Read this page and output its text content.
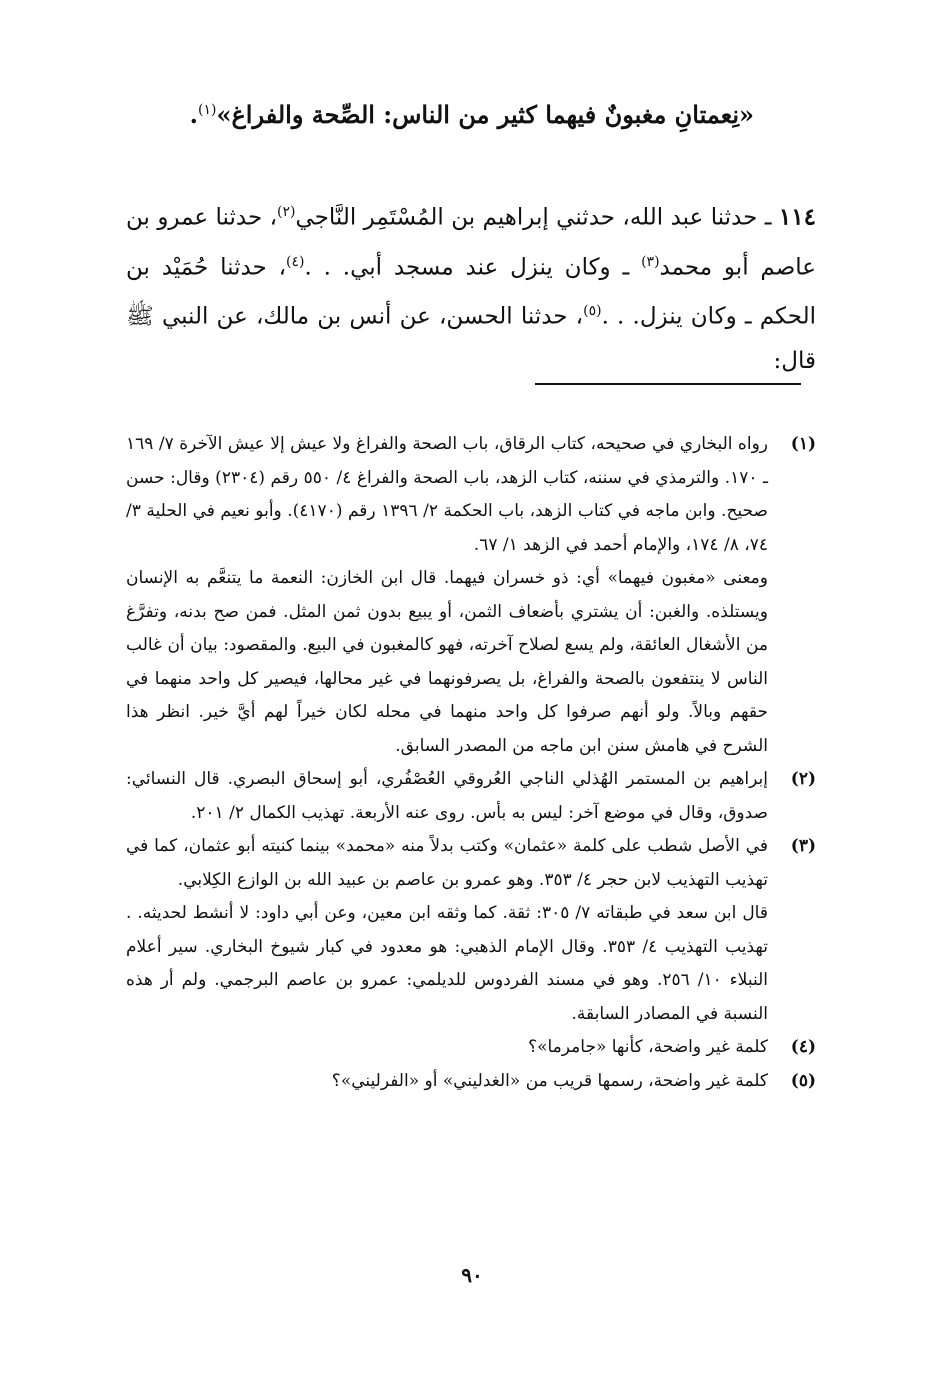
«نِعمتانِ مغبونٌ فيهما كثير من الناس: الصِّحة والفراغ»$^{(١)}$.
١١٤ ـ حدثنا عبد الله، حدثني إبراهيم بن المُسْتَمِر النَّاجي$^{(٢)}$، حدثنا عمرو بن عاصم أبو محمد$^{(٣)}$ ـ وكان ينزل عند مسجد أبي. . .$^{(٤)}$، حدثنا حُمَيْد بن الحكم ـ وكان ينزل. . .$^{(٥)}$، حدثنا الحسن، عن أنس بن مالك، عن النبي ﷺ قال:
(١)

رواه البخاري في صحيحه، كتاب الرقاق، باب الصحة والفراغ ولا عيش إلا عيش الآخرة ٧/ ١٦٩ ـ ١٧٠. والترمذي في سننه، كتاب الزهد، باب الصحة والفراغ ٤/ ٥٥٠ رقم (٢٣٠٤) وقال: حسن صحيح. وابن ماجه في كتاب الزهد، باب الحكمة ٢/ ١٣٩٦ رقم (٤١٧٠). وأبو نعيم في الحلية ٣/ ٧٤، ٨/ ١٧٤، والإمام أحمد في الزهد ١/ ٦٧.

ومعنى «مغبون فيهما» أي: ذو خسران فيهما. قال ابن الخازن: النعمة ما يتنعَّم به الإنسان ويستلذه. والغبن: أن يشتري بأضعاف الثمن، أو يبيع بدون ثمن المثل. فمن صح بدنه، وتفرَّغ من الأشغال العائقة، ولم يسع لصلاح آخرته، فهو كالمغبون في البيع. والمقصود: بيان أن غالب الناس لا ينتفعون بالصحة والفراغ، بل يصرفونهما في غير محالها، فيصير كل واحد منهما في حقهم وبالاً. ولو أنهم صرفوا كل واحد منهما في محله لكان خيراً لهم أيَّ خير. انظر هذا الشرح في هامش سنن ابن ماجه من المصدر السابق.

(٢)

إبراهيم بن المستمر الهُذلي الناجي العُروقي العُصْفُري، أبو إسحاق البصري. قال النسائي: صدوق، وقال في موضع آخر: ليس به بأس. روى عنه الأربعة. تهذيب الكمال ٢/ ٢٠١.

(٣)

في الأصل شطب على كلمة «عثمان» وكتب بدلاً منه «محمد» بينما كنيته أبو عثمان، كما في تهذيب التهذيب لابن حجر ٤/ ٣٥٣. وهو عمرو بن عاصم بن عبيد الله بن الوازع الكِلابي.

قال ابن سعد في طبقاته ٧/ ٣٠٥: ثقة. كما وثقه ابن معين، وعن أبي داود: لا أنشط لحديثه. . تهذيب التهذيب ٤/ ٣٥٣. وقال الإمام الذهبي: هو معدود في كبار شيوخ البخاري. سير أعلام النبلاء ١٠/ ٢٥٦. وهو في مسند الفردوس للديلمي: عمرو بن عاصم البرجمي. ولم أر هذه النسبة في المصادر السابقة.

(٤)

كلمة غير واضحة، كأنها «جامرما»؟

(٥)

كلمة غير واضحة، رسمها قريب من «الغدليني» أو «الفرليني»؟

٩٠
